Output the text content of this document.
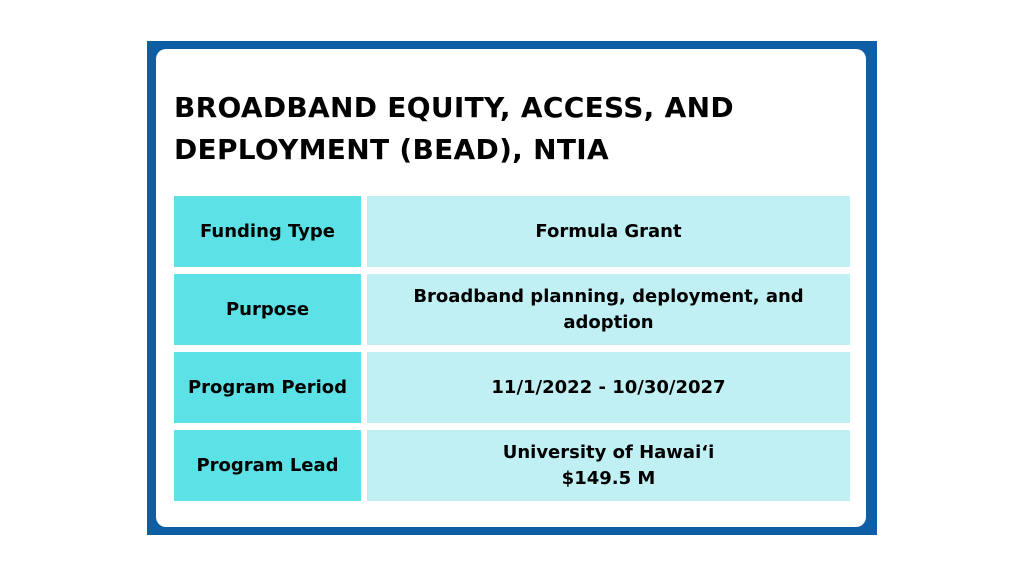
BROADBAND EQUITY, ACCESS, AND DEPLOYMENT (BEAD), NTIA
Funding Type	Formula Grant
Purpose
Broadband planning, deployment, and adoption
Program Period	11/1/2022 - 10/30/2027
Program Lead
University of Hawai‘i
$149.5 M
